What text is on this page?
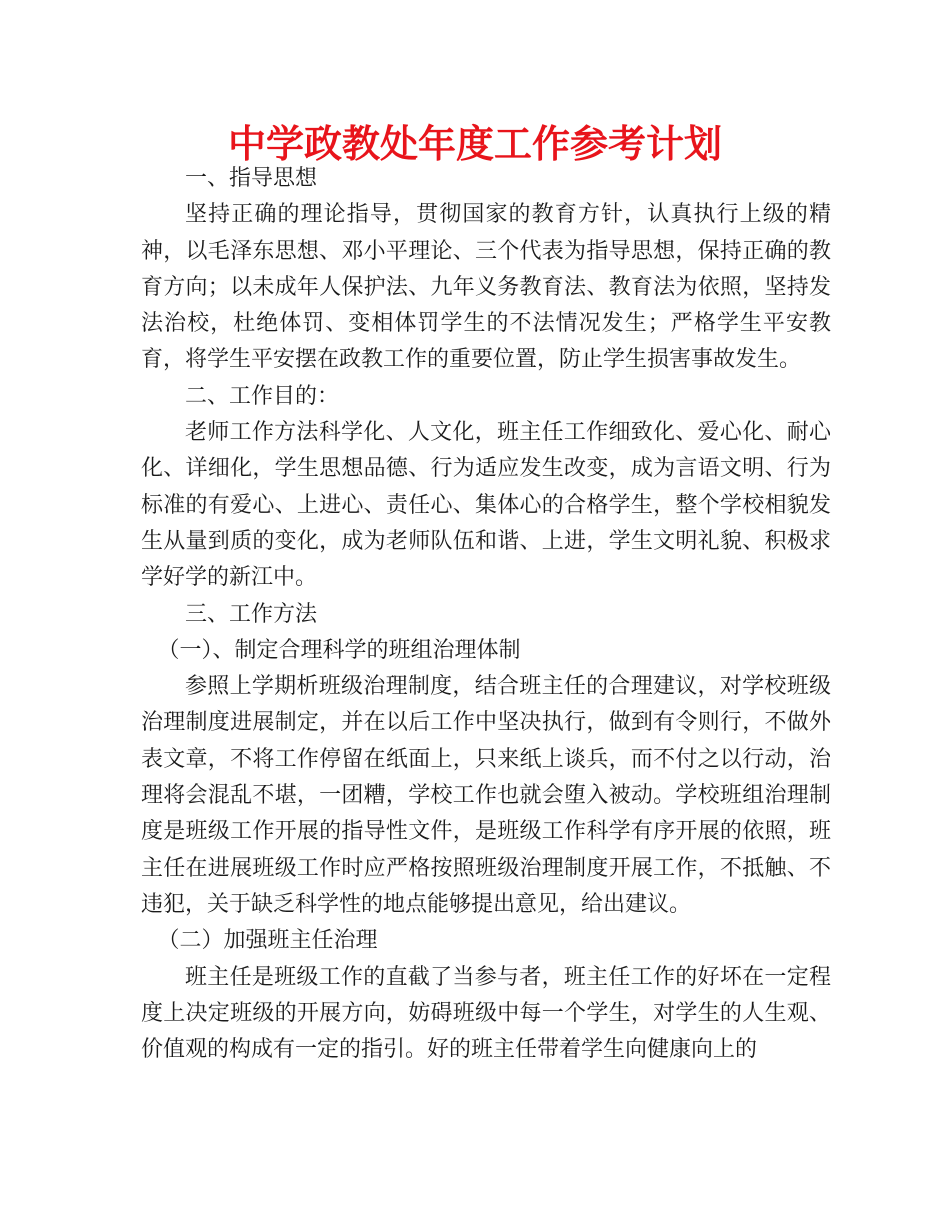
中学政教处年度工作参考计划

一、指导思想

坚持正确的理论指导，贯彻国家的教育方针，认真执行上级的精神，以毛泽东思想、邓小平理论、三个代表为指导思想，保持正确的教育方向；以未成年人保护法、九年义务教育法、教育法为依照，坚持发法治校，杜绝体罚、变相体罚学生的不法情况发生；严格学生平安教育，将学生平安摆在政教工作的重要位置，防止学生损害事故发生。

二、工作目的：

老师工作方法科学化、人文化，班主任工作细致化、爱心化、耐心化、详细化，学生思想品德、行为适应发生改变，成为言语文明、行为标准的有爱心、上进心、责任心、集体心的合格学生，整个学校相貌发生从量到质的变化，成为老师队伍和谐、上进，学生文明礼貌、积极求学好学的新江中。

三、工作方法

（一）、制定合理科学的班组治理体制

参照上学期析班级治理制度，结合班主任的合理建议，对学校班级治理制度进展制定，并在以后工作中坚决执行，做到有令则行，不做外表文章，不将工作停留在纸面上，只来纸上谈兵，而不付之以行动，治理将会混乱不堪，一团糟，学校工作也就会堕入被动。学校班组治理制度是班级工作开展的指导性文件，是班级工作科学有序开展的依照，班主任在进展班级工作时应严格按照班级治理制度开展工作，不抵触、不违犯，关于缺乏科学性的地点能够提出意见，给出建议。

（二）加强班主任治理

班主任是班级工作的直截了当参与者，班主任工作的好坏在一定程度上决定班级的开展方向，妨碍班级中每一个学生，对学生的人生观、价值观的构成有一定的指引。好的班主任带着学生向健康向上的
